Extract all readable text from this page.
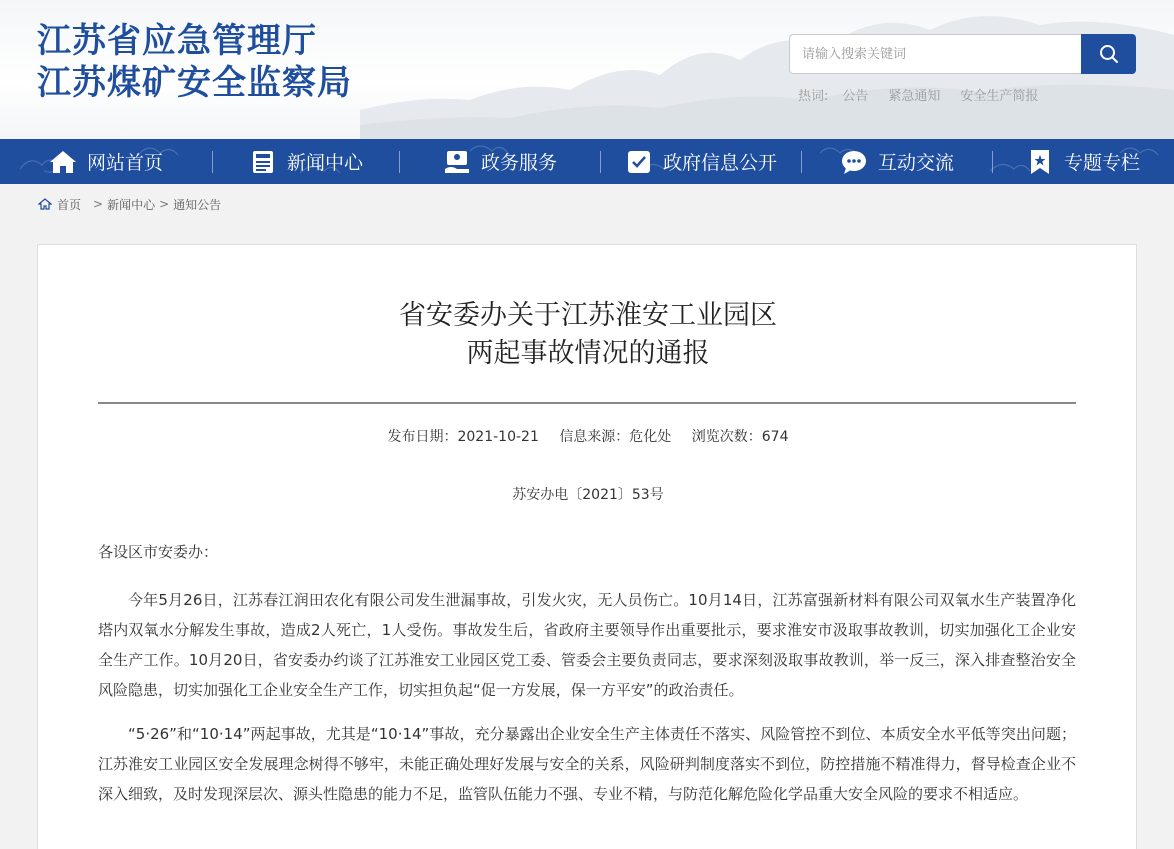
江苏省应急管理厅
江苏煤矿安全监察局
请输入搜索关键词	热词: 公告 紧急通知 安全生产简报
网站首页	新闻中心	政务服务	政府信息公开	互动交流	专题专栏
首页 > 新闻中心 > 通知公告
省安委办关于江苏淮安工业园区
两起事故情况的通报
发布日期：2021-10-21 信息来源：危化处 浏览次数：674
苏安办电〔2021〕53号

各设区市安委办：

今年5月26日，江苏春江润田农化有限公司发生泄漏事故，引发火灾，无人员伤亡。10月14日，江苏富强新材料有限公司双氧水生产装置净化塔内双氧水分解发生事故，造成2人死亡，1人受伤。事故发生后，省政府主要领导作出重要批示，要求淮安市汲取事故教训，切实加强化工企业安全生产工作。10月20日，省安委办约谈了江苏淮安工业园区党工委、管委会主要负责同志，要求深刻汲取事故教训，举一反三，深入排查整治安全风险隐患，切实加强化工企业安全生产工作，切实担负起“促一方发展，保一方平安”的政治责任。

“5·26”和“10·14”两起事故，尤其是“10·14”事故，充分暴露出企业安全生产主体责任不落实、风险管控不到位、本质安全水平低等突出问题；江苏淮安工业园区安全发展理念树得不够牢，未能正确处理好发展与安全的关系，风险研判制度落实不到位，防控措施不精准得力，督导检查企业不深入细致，及时发现深层次、源头性隐患的能力不足，监管队伍能力不强、专业不精，与防范化解危险化学品重大安全风险的要求不相适应。
